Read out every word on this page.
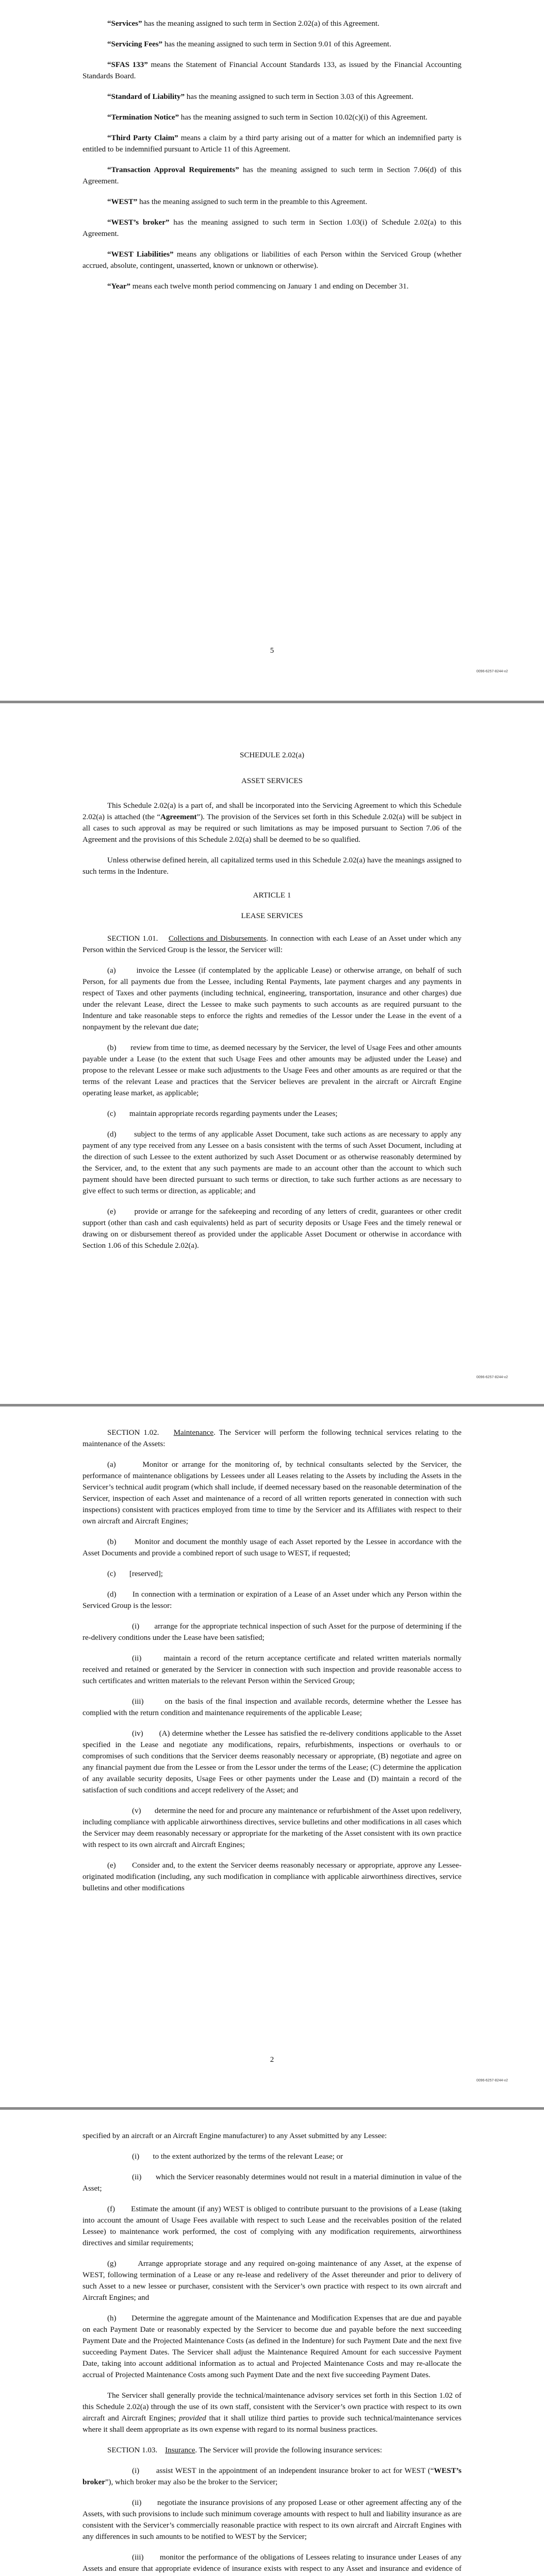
“Services” has the meaning assigned to such term in Section 2.02(a) of this Agreement.

“Servicing Fees” has the meaning assigned to such term in Section 9.01 of this Agreement.

“SFAS 133” means the Statement of Financial Account Standards 133, as issued by the Financial Accounting Standards Board.

“Standard of Liability” has the meaning assigned to such term in Section 3.03 of this Agreement.

“Termination Notice” has the meaning assigned to such term in Section 10.02(c)(i) of this Agreement.

“Third Party Claim” means a claim by a third party arising out of a matter for which an indemnified party is entitled to be indemnified pursuant to Article 11 of this Agreement.

“Transaction Approval Requirements” has the meaning assigned to such term in Section 7.06(d) of this Agreement.

“WEST” has the meaning assigned to such term in the preamble to this Agreement.

“WEST’s broker” has the meaning assigned to such term in Section 1.03(i) of Schedule 2.02(a) to this Agreement.

“WEST Liabilities” means any obligations or liabilities of each Person within the Serviced Group (whether accrued, absolute, contingent, unasserted, known or unknown or otherwise).

“Year” means each twelve month period commencing on January 1 and ending on December 31.

5
0096-6257-8244-v2

SCHEDULE 2.02(a)

ASSET SERVICES

This Schedule 2.02(a) is a part of, and shall be incorporated into the Servicing Agreement to which this Schedule 2.02(a) is attached (the “Agreement”). The provision of the Services set forth in this Schedule 2.02(a) will be subject in all cases to such approval as may be required or such limitations as may be imposed pursuant to Section 7.06 of the Agreement and the provisions of this Schedule 2.02(a) shall be deemed to be so qualified.

Unless otherwise defined herein, all capitalized terms used in this Schedule 2.02(a) have the meanings assigned to such terms in the Indenture.

ARTICLE 1

LEASE SERVICES

SECTION 1.01. Collections and Disbursements. In connection with each Lease of an Asset under which any Person within the Serviced Group is the lessor, the Servicer will:

(a)	invoice the Lessee (if contemplated by the applicable Lease) or otherwise arrange, on behalf of such Person, for all payments due from the Lessee, including Rental Payments, late payment charges and any payments in respect of Taxes and other payments (including technical, engineering, transportation, insurance and other charges) due under the relevant Lease, direct the Lessee to make such payments to such accounts as are required pursuant to the Indenture and take reasonable steps to enforce the rights and remedies of the Lessor under the Lease in the event of a nonpayment by the relevant due date;

(b) review from time to time, as deemed necessary by the Servicer, the level of Usage Fees and other amounts payable under a Lease (to the extent that such Usage Fees and other amounts may be adjusted under the Lease) and propose to the relevant Lessee or make such adjustments to the Usage Fees and other amounts as are required or that the terms of the relevant Lease and practices that the Servicer believes are prevalent in the aircraft or Aircraft Engine operating lease market, as applicable;

(c) maintain appropriate records regarding payments under the Leases;

(d) subject to the terms of any applicable Asset Document, take such actions as are necessary to apply any payment of any type received from any Lessee on a basis consistent with the terms of such Asset Document, including at the direction of such Lessee to the extent authorized by such Asset Document or as otherwise reasonably determined by the Servicer, and, to the extent that any such payments are made to an account other than the account to which such payment should have been directed pursuant to such terms or direction, to take such further actions as are necessary to give effect to such terms or direction, as applicable; and

(e) provide or arrange for the safekeeping and recording of any letters of credit, guarantees or other credit support (other than cash and cash equivalents) held as part of security deposits or Usage Fees and the timely renewal or drawing on or disbursement thereof as provided under the applicable Asset Document or otherwise in accordance with Section 1.06 of this Schedule 2.02(a).

0096-6257-8244-v2

SECTION 1.02. Maintenance. The Servicer will perform the following technical services relating to the maintenance of the Assets:

(a)	Monitor or arrange for the monitoring of, by technical consultants selected by the Servicer, the performance of maintenance obligations by Lessees under all Leases relating to the Assets by including the Assets in the Servicer’s technical audit program (which shall include, if deemed necessary based on the reasonable determination of the Servicer, inspection of each Asset and maintenance of a record of all written reports generated in connection with such inspections) consistent with practices employed from time to time by the Servicer and its Affiliates with respect to their own aircraft and Aircraft Engines;

(b) Monitor and document the monthly usage of each Asset reported by the Lessee in accordance with the Asset Documents and provide a combined report of such usage to WEST, if requested;

(c) [reserved];

(d) In connection with a termination or expiration of a Lease of an Asset under which any Person within the Serviced Group is the lessor:

(i) arrange for the appropriate technical inspection of such Asset for the purpose of determining if the re-delivery conditions under the Lease have been satisfied;

(ii)	maintain a record of the return acceptance certificate and related written materials normally received and retained or generated by the Servicer in connection with such inspection and provide reasonable access to such certificates and written materials to the relevant Person within the Serviced Group;

(iii)	on the basis of the final inspection and available records, determine whether the Lessee has complied with the return condition and maintenance requirements of the applicable Lease;

(iv) (A) determine whether the Lessee has satisfied the re-delivery conditions applicable to the Asset specified in the Lease and negotiate any modifications, repairs, refurbishments, inspections or overhauls to or compromises of such conditions that the Servicer deems reasonably necessary or appropriate, (B) negotiate and agree on any financial payment due from the Lessee or from the Lessor under the terms of the Lease; (C) determine the application of any available security deposits, Usage Fees or other payments under the Lease and (D) maintain a record of the satisfaction of such conditions and accept redelivery of the Asset; and

(v) determine the need for and procure any maintenance or refurbishment of the Asset upon redelivery, including compliance with applicable airworthiness directives, service bulletins and other modifications in all cases which the Servicer may deem reasonably necessary or appropriate for the marketing of the Asset consistent with its own practice with respect to its own aircraft and Aircraft Engines;

(e) Consider and, to the extent the Servicer deems reasonably necessary or appropriate, approve any Lessee-originated modification (including, any such modification in compliance with applicable airworthiness directives, service bulletins and other modifications

2
0096-6257-8244-v2

specified by an aircraft or an Aircraft Engine manufacturer) to any Asset submitted by any Lessee:

(i) to the extent authorized by the terms of the relevant Lease; or

(ii) which the Servicer reasonably determines would not result in a material diminution in value of the Asset;

(f) Estimate the amount (if any) WEST is obliged to contribute pursuant to the provisions of a Lease (taking into account the amount of Usage Fees available with respect to such Lease and the receivables position of the related Lessee) to maintenance work performed, the cost of complying with any modification requirements, airworthiness directives and similar requirements;

(g)	Arrange appropriate storage and any required on-going maintenance of any Asset, at the expense of WEST, following termination of a Lease or any re-lease and redelivery of the Asset thereunder and prior to delivery of such Asset to a new lessee or purchaser, consistent with the Servicer’s own practice with respect to its own aircraft and Aircraft Engines; and

(h) Determine the aggregate amount of the Maintenance and Modification Expenses that are due and payable on each Payment Date or reasonably expected by the Servicer to become due and payable before the next succeeding Payment Date and the Projected Maintenance Costs (as defined in the Indenture) for such Payment Date and the next five succeeding Payment Dates. The Servicer shall adjust the Maintenance Required Amount for each successive Payment Date, taking into account additional information as to actual and Projected Maintenance Costs and may re-allocate the accrual of Projected Maintenance Costs among such Payment Date and the next five succeeding Payment Dates.

The Servicer shall generally provide the technical/maintenance advisory services set forth in this Section 1.02 of this Schedule 2.02(a) through the use of its own staff, consistent with the Servicer’s own practice with respect to its own aircraft and Aircraft Engines; provided that it shall utilize third parties to provide such technical/maintenance services where it shall deem appropriate as its own expense with regard to its normal business practices.

SECTION 1.03. Insurance. The Servicer will provide the following insurance services:

(i) assist WEST in the appointment of an independent insurance broker to act for WEST (“WEST’s broker”), which broker may also be the broker to the Servicer;

(ii) negotiate the insurance provisions of any proposed Lease or other agreement affecting any of the Assets, with such provisions to include such minimum coverage amounts with respect to hull and liability insurance as are consistent with the Servicer’s commercially reasonable practice with respect to its own aircraft and Aircraft Engines with any differences in such amounts to be notified to WEST by the Servicer;

(iii) monitor the performance of the obligations of Lessees relating to insurance under Leases of any Assets and ensure that appropriate evidence of insurance exists with respect to any Asset and insurance and evidence of
